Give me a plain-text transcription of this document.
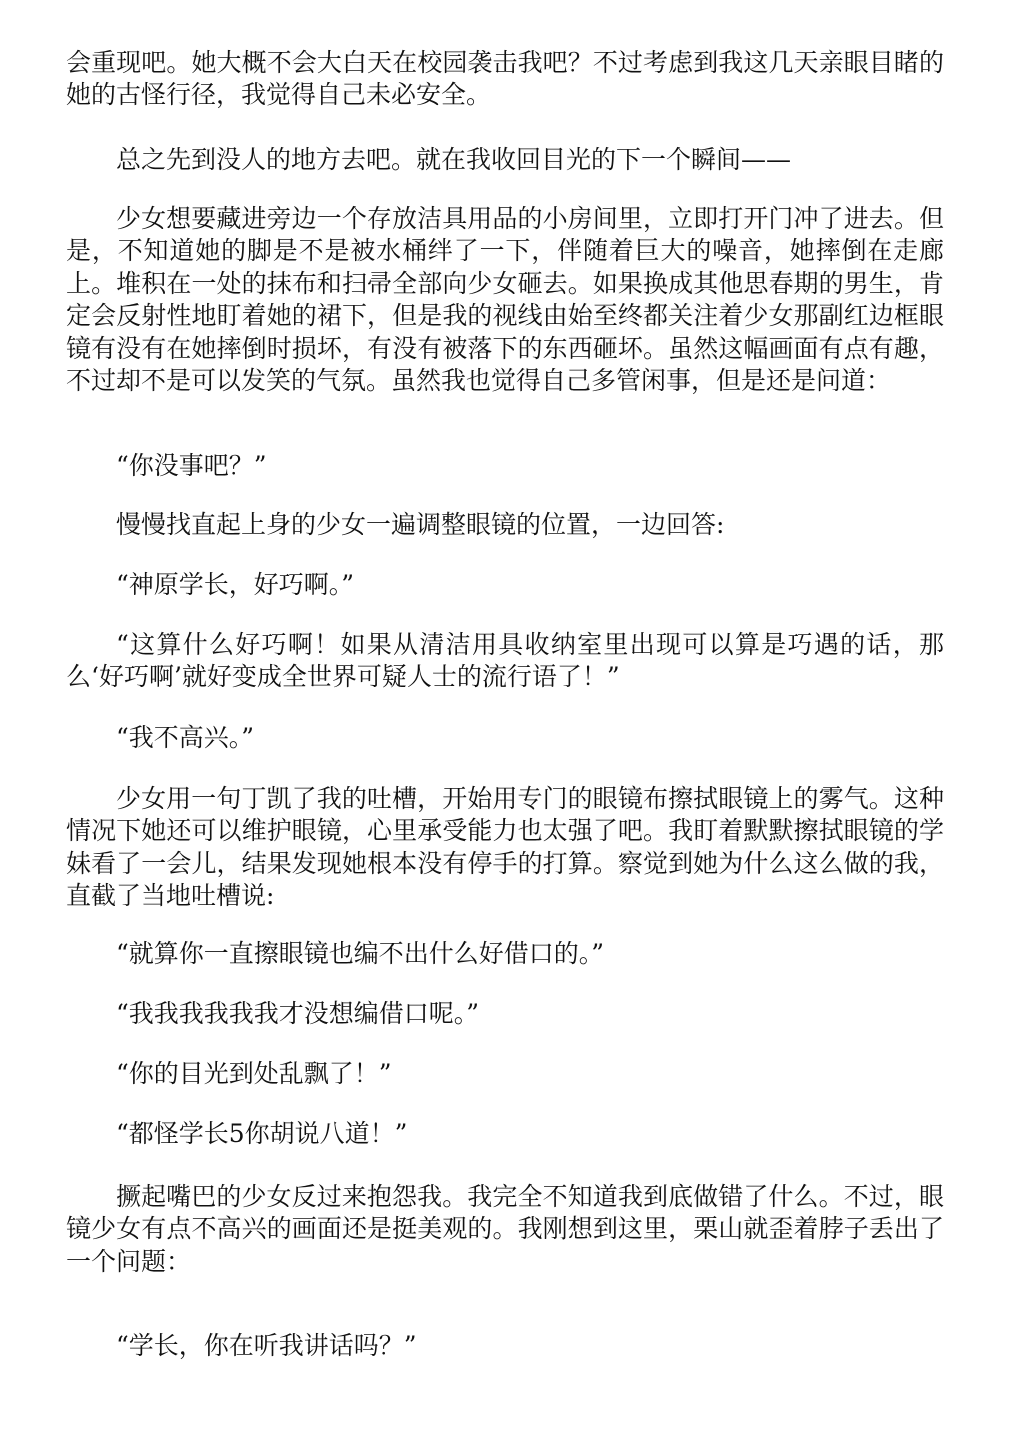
会重现吧。她大概不会大白天在校园袭击我吧？不过考虑到我这几天亲眼目睹的她的古怪行径，我觉得自己未必安全。

总之先到没人的地方去吧。就在我收回目光的下一个瞬间——

少女想要藏进旁边一个存放洁具用品的小房间里，立即打开门冲了进去。但是，不知道她的脚是不是被水桶绊了一下，伴随着巨大的噪音，她摔倒在走廊上。堆积在一处的抹布和扫帚全部向少女砸去。如果换成其他思春期的男生，肯定会反射性地盯着她的裙下，但是我的视线由始至终都关注着少女那副红边框眼镜有没有在她摔倒时损坏，有没有被落下的东西砸坏。虽然这幅画面有点有趣，不过却不是可以发笑的气氛。虽然我也觉得自己多管闲事，但是还是问道：

“你没事吧？”

慢慢找直起上身的少女一遍调整眼镜的位置，一边回答:

“神原学长，好巧啊。”

“这算什么好巧啊！如果从清洁用具收纳室里出现可以算是巧遇的话，那么‘好巧啊’就好变成全世界可疑人士的流行语了！”

“我不高兴。”

少女用一句丁凯了我的吐槽，开始用专门的眼镜布擦拭眼镜上的雾气。这种情况下她还可以维护眼镜，心里承受能力也太强了吧。我盯着默默擦拭眼镜的学妹看了一会儿，结果发现她根本没有停手的打算。察觉到她为什么这么做的我，直截了当地吐槽说:

“就算你一直擦眼镜也编不出什么好借口的。”

“我我我我我我才没想编借口呢。”

“你的目光到处乱飘了！”

“都怪学长5你胡说八道！”

撅起嘴巴的少女反过来抱怨我。我完全不知道我到底做错了什么。不过，眼镜少女有点不高兴的画面还是挺美观的。我刚想到这里，栗山就歪着脖子丢出了一个问题：

“学长，你在听我讲话吗？”
